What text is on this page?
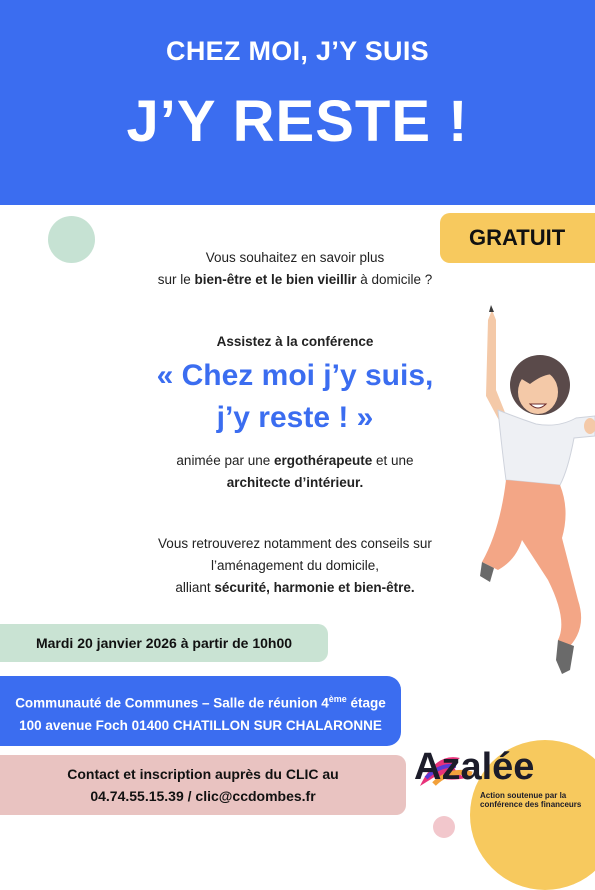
CHEZ MOI, J’Y SUIS
J’Y RESTE !
GRATUIT
Vous souhaitez en savoir plus
sur le bien-être et le bien vieillir à domicile ?
Assistez à la conférence
« Chez moi j’y suis,
j’y reste ! »
animée par une ergothérapeute et une
architecte d’intérieur.
Vous retrouverez notamment des conseils sur
l’aménagement du domicile,
alliant sécurité, harmonie et bien-être.
Mardi 20 janvier 2026 à partir de 10h00
Communauté de Communes – Salle de réunion 4ème étage
100 avenue Foch 01400 CHATILLON SUR CHALARONNE
Contact et inscription auprès du CLIC au
04.74.55.15.39 / clic@ccdombes.fr
Azalée
Action soutenue par la conférence des financeurs
